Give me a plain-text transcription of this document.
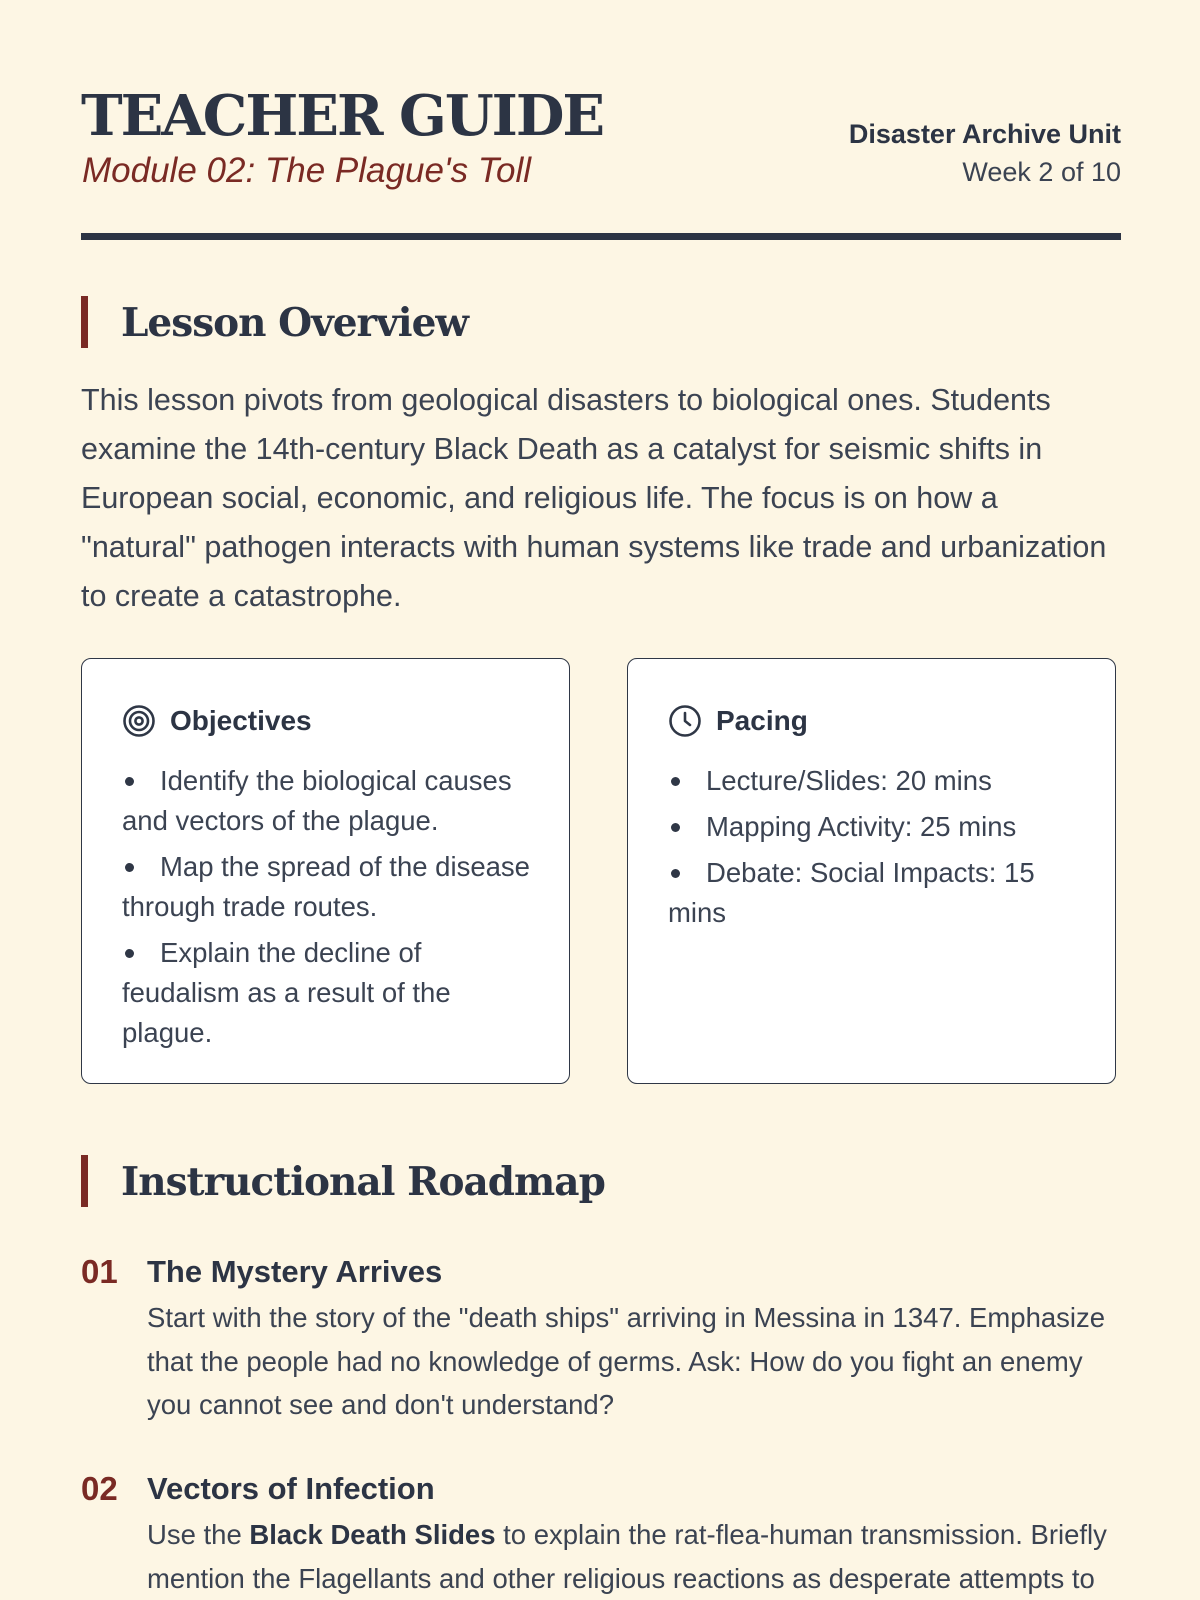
TEACHER GUIDE

Module 02: The Plague's Toll

Disaster Archive Unit
Week 2 of 10
Lesson Overview

This lesson pivots from geological disasters to biological ones. Students examine the 14th-century Black Death as a catalyst for seismic shifts in European social, economic, and religious life. The focus is on how a "natural" pathogen interacts with human systems like trade and urbanization to create a catastrophe.

Objectives
Identify the biological causes and vectors of the plague.
Map the spread of the disease through trade routes.
Explain the decline of feudalism as a result of the plague.
Pacing
Lecture/Slides: 20 mins
Mapping Activity: 25 mins
Debate: Social Impacts: 15 mins
Instructional Roadmap
01 The Mystery Arrives

Start with the story of the "death ships" arriving in Messina in 1347. Emphasize that the people had no knowledge of germs. Ask: How do you fight an enemy you cannot see and don't understand?

02 Vectors of Infection

Use the Black Death Slides to explain the rat-flea-human transmission. Briefly mention the Flagellants and other religious reactions as desperate attempts to
